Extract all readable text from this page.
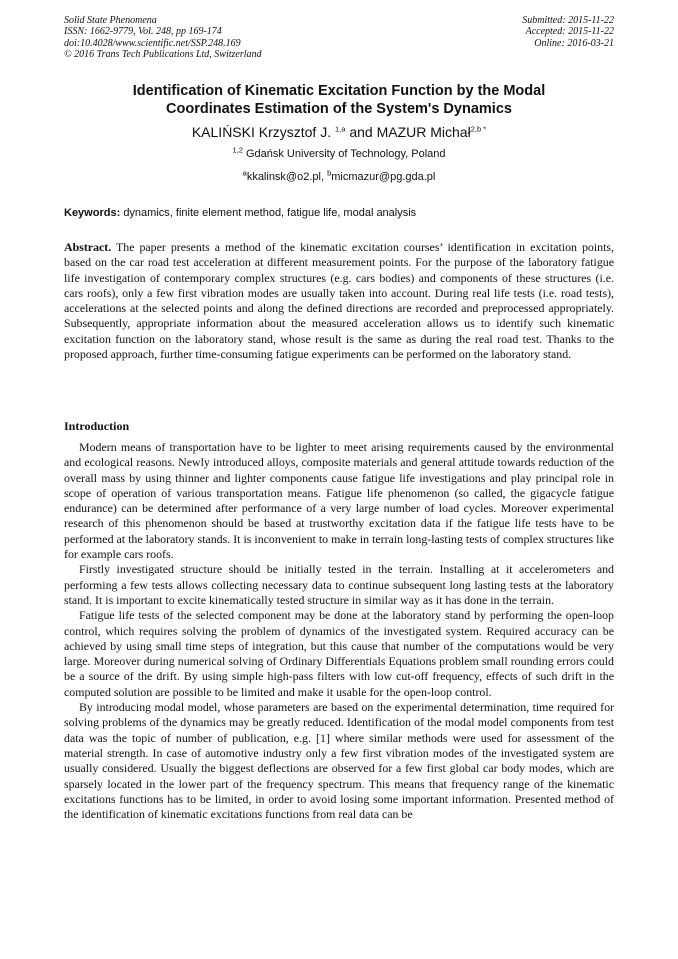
Solid State Phenomena
ISSN: 1662-9779, Vol. 248, pp 169-174
doi:10.4028/www.scientific.net/SSP.248.169
© 2016 Trans Tech Publications Ltd, Switzerland
Submitted: 2015-11-22
Accepted: 2015-11-22
Online: 2016-03-21
Identification of Kinematic Excitation Function by the Modal
Coordinates Estimation of the System's Dynamics
KALIŃSKI Krzysztof J. $^{1,a}$ and MAZUR Michał$^{2,b *}$
$^{1,2}$ Gdańsk University of Technology, Poland
$^a$kkalinsk@o2.pl, $^b$micmazur@pg.gda.pl
Keywords: dynamics, finite element method, fatigue life, modal analysis
Abstract. The paper presents a method of the kinematic excitation courses’ identification in excitation points, based on the car road test acceleration at different measurement points. For the purpose of the laboratory fatigue life investigation of contemporary complex structures (e.g. cars bodies) and components of these structures (i.e. cars roofs), only a few first vibration modes are usually taken into account. During real life tests (i.e. road tests), accelerations at the selected points and along the defined directions are recorded and preprocessed appropriately. Subsequently, appropriate information about the measured acceleration allows us to identify such kinematic excitation function on the laboratory stand, whose result is the same as during the real road test. Thanks to the proposed approach, further time-consuming fatigue experiments can be performed on the laboratory stand.
Introduction

Modern means of transportation have to be lighter to meet arising requirements caused by the environmental and ecological reasons. Newly introduced alloys, composite materials and general attitude towards reduction of the overall mass by using thinner and lighter components cause fatigue life investigations and play principal role in scope of operation of various transportation means. Fatigue life phenomenon (so called, the gigacycle fatigue endurance) can be determined after performance of a very large number of load cycles. Moreover experimental research of this phenomenon should be based at trustworthy excitation data if the fatigue life tests have to be performed at the laboratory stands. It is inconvenient to make in terrain long-lasting tests of complex structures like for example cars roofs.

Firstly investigated structure should be initially tested in the terrain. Installing at it accelerometers and performing a few tests allows collecting necessary data to continue subsequent long lasting tests at the laboratory stand. It is important to excite kinematically tested structure in similar way as it has done in the terrain.

Fatigue life tests of the selected component may be done at the laboratory stand by performing the open-loop control, which requires solving the problem of dynamics of the investigated system. Required accuracy can be achieved by using small time steps of integration, but this cause that number of the computations would be very large. Moreover during numerical solving of Ordinary Differentials Equations problem small rounding errors could be a source of the drift. By using simple high-pass filters with low cut-off frequency, effects of such drift in the computed solution are possible to be limited and make it usable for the open-loop control.

By introducing modal model, whose parameters are based on the experimental determination, time required for solving problems of the dynamics may be greatly reduced. Identification of the modal model components from test data was the topic of number of publication, e.g. [1] where similar methods were used for assessment of the material strength. In case of automotive industry only a few first vibration modes of the investigated system are usually considered. Usually the biggest deflections are observed for a few first global car body modes, which are sparsely located in the lower part of the frequency spectrum. This means that frequency range of the kinematic excitations functions has to be limited, in order to avoid losing some important information. Presented method of the identification of kinematic excitations functions from real data can be
